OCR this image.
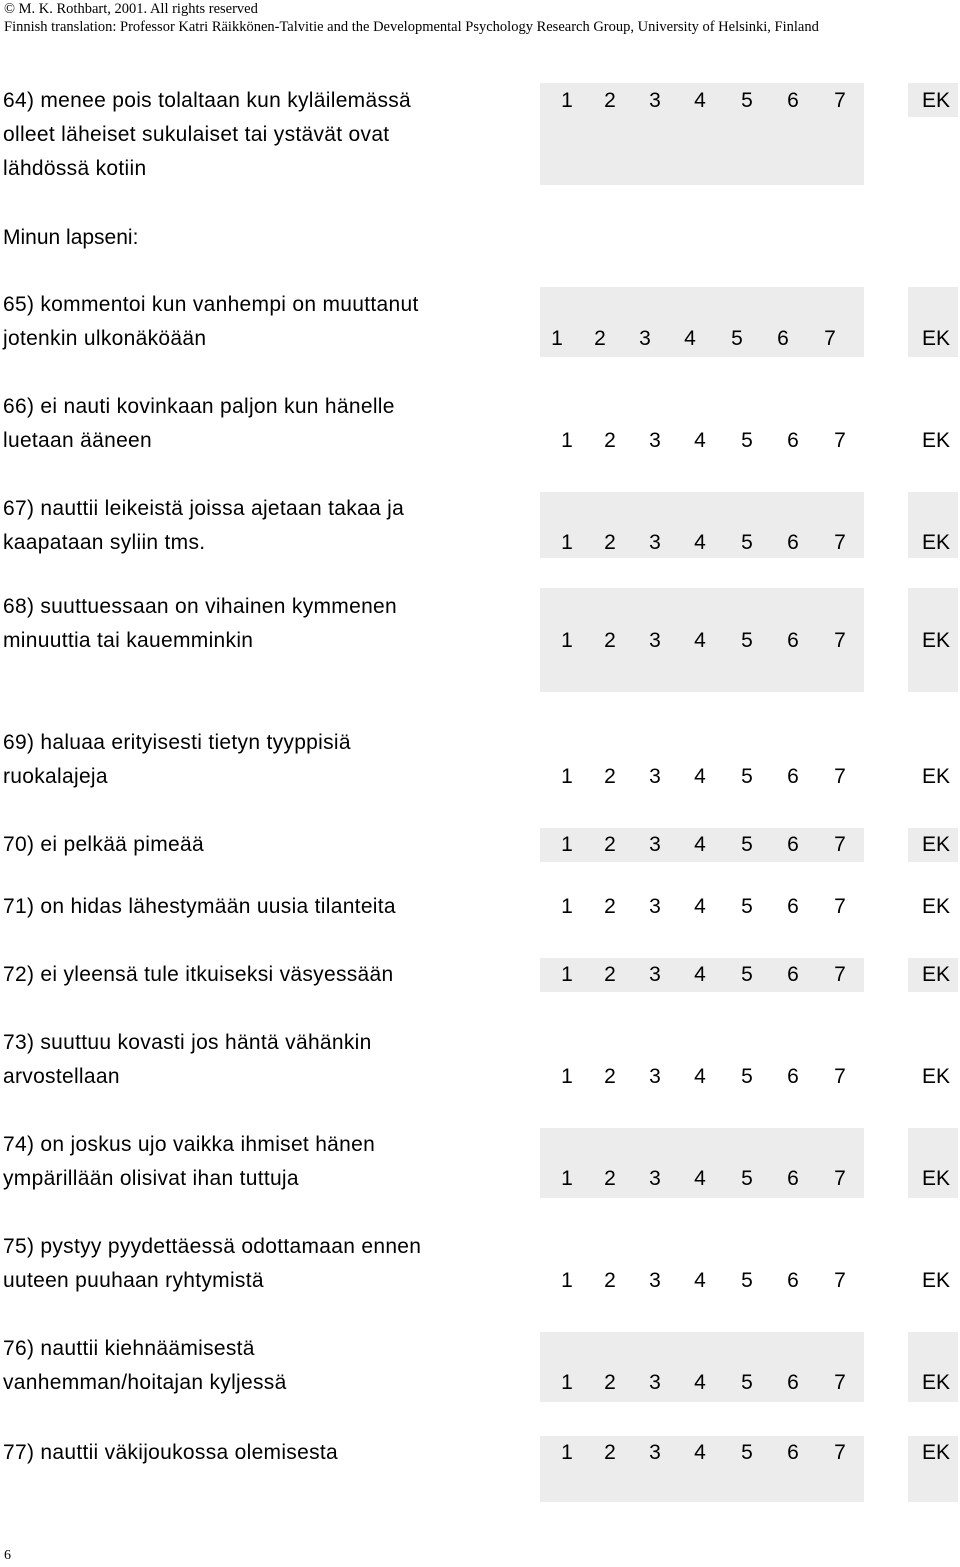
© M. K. Rothbart, 2001. All rights reserved
Finnish translation: Professor Katri Räikkönen-Talvitie and the Developmental Psychology Research Group, University of Helsinki, Finland
Minun lapseni:
64) menee pois tolaltaan kun kyläilemässä
olleet läheiset sukulaiset tai ystävät ovat
lähdössä kotiin
1 2 3 4 5 6 7	EK
65) kommentoi kun vanhempi on muuttanut
jotenkin ulkonäköään	1 2 3 4 5 6 7	EK
66) ei nauti kovinkaan paljon kun hänelle
luetaan ääneen	1 2 3 4 5 6 7	EK
67) nauttii leikeistä joissa ajetaan takaa ja
kaapataan syliin tms.	1 2 3 4 5 6 7	EK
68) suuttuessaan on vihainen kymmenen
minuuttia tai kauemminkin	1 2 3 4 5 6 7	EK
69) haluaa erityisesti tietyn tyyppisiä
ruokalajeja	1 2 3 4 5 6 7	EK
70) ei pelkää pimeää	1 2 3 4 5 6 7	EK
71) on hidas lähestymään uusia tilanteita	1 2 3 4 5 6 7	EK
72) ei yleensä tule itkuiseksi väsyessään	1 2 3 4 5 6 7	EK
73) suuttuu kovasti jos häntä vähänkin
arvostellaan	1 2 3 4 5 6 7	EK
74) on joskus ujo vaikka ihmiset hänen
ympärillään olisivat ihan tuttuja	1 2 3 4 5 6 7	EK
75) pystyy pyydettäessä odottamaan ennen
uuteen puuhaan ryhtymistä	1 2 3 4 5 6 7	EK
76) nauttii kiehnäämisestä
vanhemman/hoitajan kyljessä	1 2 3 4 5 6 7	EK
77) nauttii väkijoukossa olemisesta	1 2 3 4 5 6 7	EK
6
